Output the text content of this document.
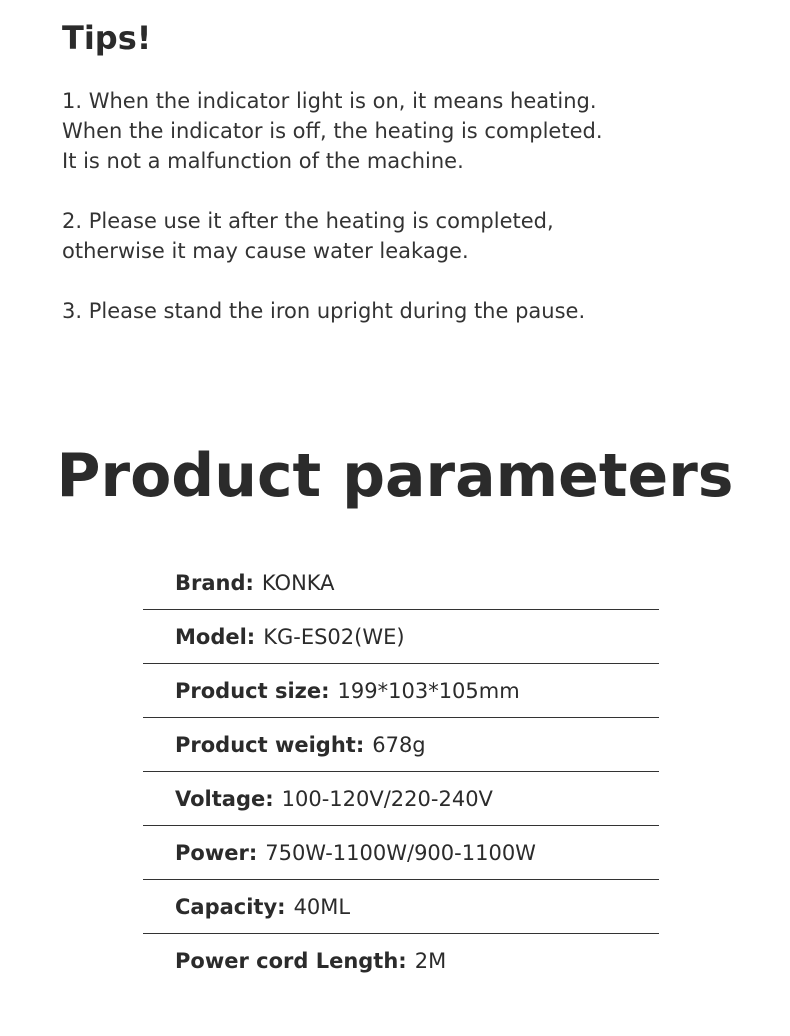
Tips!
1. When the indicator light is on, it means heating.
When the indicator is off, the heating is completed.
It is not a malfunction of the machine.
2. Please use it after the heating is completed,
otherwise it may cause water leakage.
3. Please stand the iron upright during the pause.
Product parameters
Brand: KONKA
Model: KG-ES02(WE)
Product size: 199*103*105mm
Product weight: 678g
Voltage: 100-120V/220-240V
Power: 750W-1100W/900-1100W
Capacity: 40ML
Power cord Length: 2M
